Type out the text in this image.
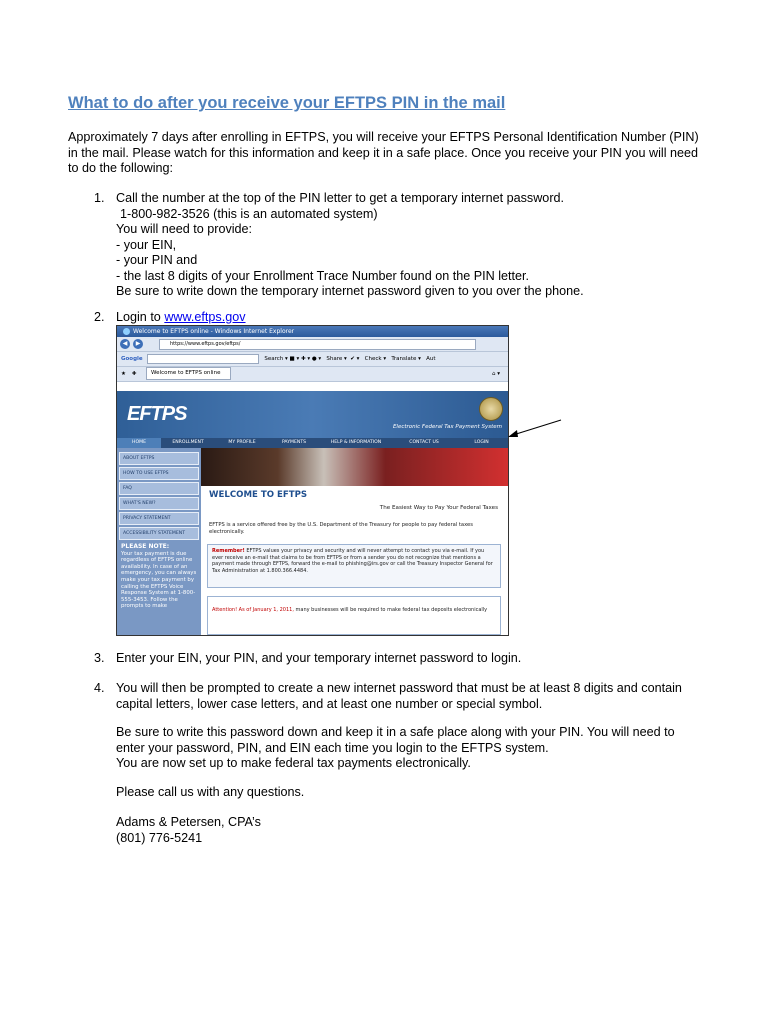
What to do after you receive your EFTPS PIN in the mail
Approximately 7 days after enrolling in EFTPS, you will receive your EFTPS Personal Identification Number (PIN)
in the mail. Please watch for this information and keep it in a safe place. Once you receive your PIN you will need
to do the following:
1. Call the number at the top of the PIN letter to get a temporary internet password.
1-800-982-3526 (this is an automated system)
You will need to provide:
- your EIN,
- your PIN and
- the last 8 digits of your Enrollment Trace Number found on the PIN letter.
Be sure to write down the temporary internet password given to you over the phone.
2. Login to www.eftps.gov
Welcome to EFTPS online - Windows Internet Explorer
◀ ▶	https://www.eftps.gov/eftps/
Google	Search ▾ ■ ▾ ✚ ▾ ● ▾   Share ▾  ✔ ▾   Check ▾   Translate ▾   Aut
★ ✚	Welcome to EFTPS online	⌂ ▾
EFTPS
Electronic Federal Tax Payment System
HOME	ENROLLMENT	MY PROFILE	PAYMENTS	HELP & INFORMATION	CONTACT US	LOGIN
ABOUT EFTPS
HOW TO USE EFTPS
FAQ
WHAT'S NEW?
PRIVACY STATEMENT
ACCESSIBILITY STATEMENT
PLEASE NOTE:
Your tax payment is due regardless of EFTPS online availability. In case of an emergency, you can always make your tax payment by calling the EFTPS Voice Response System at 1-800-555-3453. Follow the prompts to make
WELCOME TO EFTPS
The Easiest Way to Pay Your Federal Taxes
EFTPS is a service offered free by the U.S. Department of the Treasury for people to pay federal taxes electronically.
Remember! EFTPS values your privacy and security and will never attempt to contact you via e-mail. If you ever receive an e-mail that claims to be from EFTPS or from a sender you do not recognize that mentions a payment made through EFTPS, forward the e-mail to phishing@irs.gov or call the Treasury Inspector General for Tax Administration at 1.800.366.4484.
Attention! As of January 1, 2011, many businesses will be required to make federal tax deposits electronically
3. Enter your EIN, your PIN, and your temporary internet password to login.
4. You will then be prompted to create a new internet password that must be at least 8 digits and contain
capital letters, lower case letters, and at least one number or special symbol.
Be sure to write this password down and keep it in a safe place along with your PIN. You will need to
enter your password, PIN, and EIN each time you login to the EFTPS system.
You are now set up to make federal tax payments electronically.
Please call us with any questions.
Adams & Petersen, CPA’s
(801) 776-5241
